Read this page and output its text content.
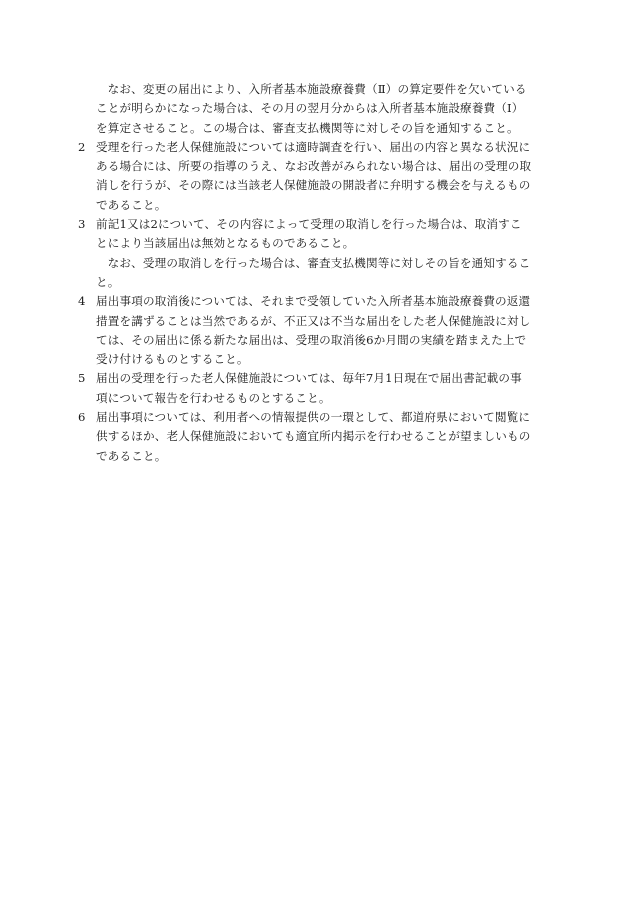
なお、変更の届出により、入所者基本施設療養費（Ⅱ）の算定要件を欠いていることが明らかになった場合は、その月の翌月分からは入所者基本施設療養費（Ⅰ）を算定させること。この場合は、審査支払機関等に対しその旨を通知すること。

2 受理を行った老人保健施設については適時調査を行い、届出の内容と異なる状況にある場合には、所要の指導のうえ、なお改善がみられない場合は、届出の受理の取消しを行うが、その際には当該老人保健施設の開設者に弁明する機会を与えるものであること。
3 前記1又は2について、その内容によって受理の取消しを行った場合は、取消すことにより当該届出は無効となるものであること。

なお、受理の取消しを行った場合は、審査支払機関等に対しその旨を通知すること。

4 届出事項の取消後については、それまで受領していた入所者基本施設療養費の返還措置を講ずることは当然であるが、不正又は不当な届出をした老人保健施設に対しては、その届出に係る新たな届出は、受理の取消後6か月間の実績を踏まえた上で受け付けるものとすること。
5 届出の受理を行った老人保健施設については、毎年7月1日現在で届出書記載の事項について報告を行わせるものとすること。
6 届出事項については、利用者への情報提供の一環として、都道府県において閲覧に供するほか、老人保健施設においても適宜所内掲示を行わせることが望ましいものであること。
